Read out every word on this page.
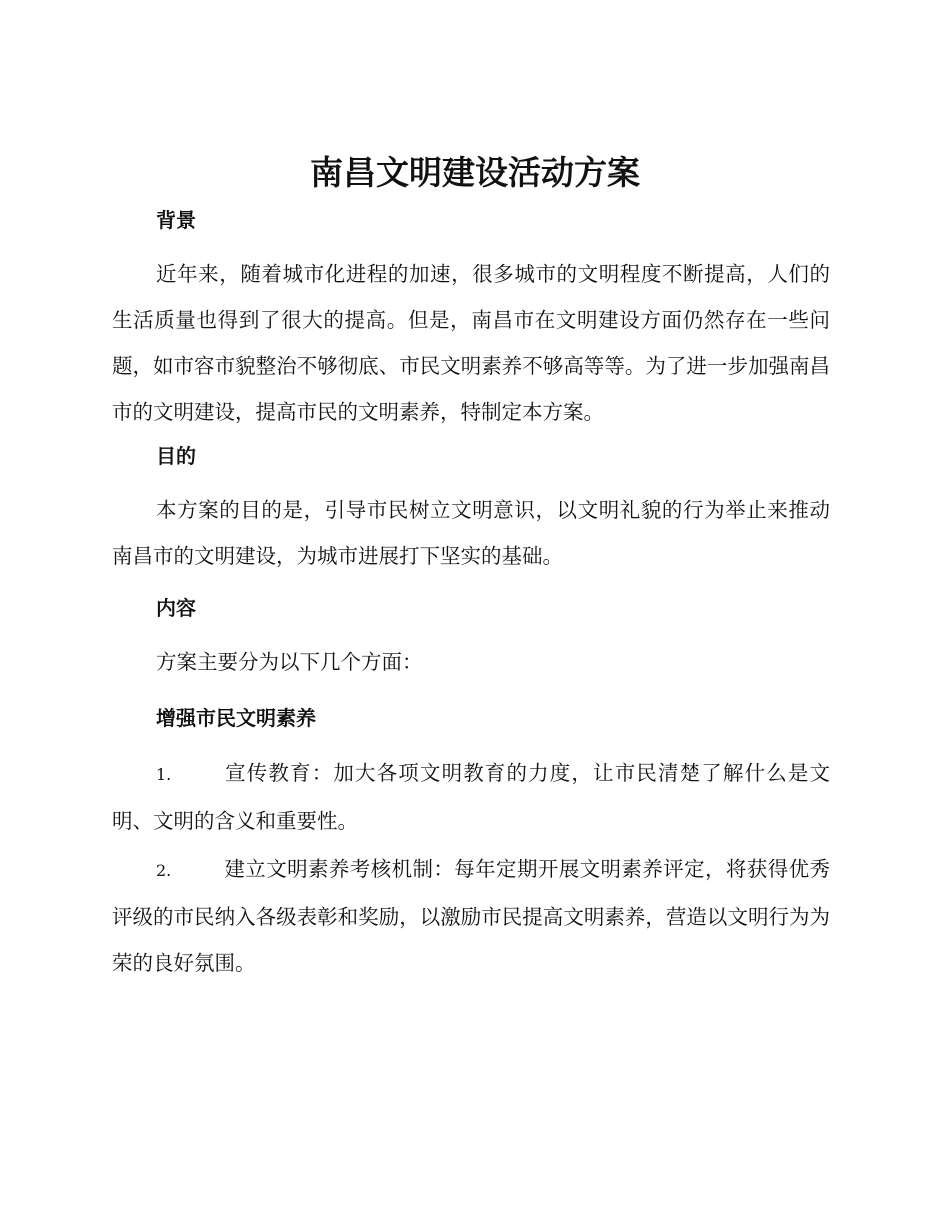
南昌文明建设活动方案
背景

近年来，随着城市化进程的加速，很多城市的文明程度不断提高，人们的生活质量也得到了很大的提高。但是，南昌市在文明建设方面仍然存在一些问题，如市容市貌整治不够彻底、市民文明素养不够高等等。为了进一步加强南昌市的文明建设，提高市民的文明素养，特制定本方案。

目的

本方案的目的是，引导市民树立文明意识，以文明礼貌的行为举止来推动南昌市的文明建设，为城市进展打下坚实的基础。

内容

方案主要分为以下几个方面：

增强市民文明素养

1.	宣传教育：加大各项文明教育的力度，让市民清楚了解什么是文明、文明的含义和重要性。

2.	建立文明素养考核机制：每年定期开展文明素养评定，将获得优秀评级的市民纳入各级表彰和奖励，以激励市民提高文明素养，营造以文明行为为荣的良好氛围。
